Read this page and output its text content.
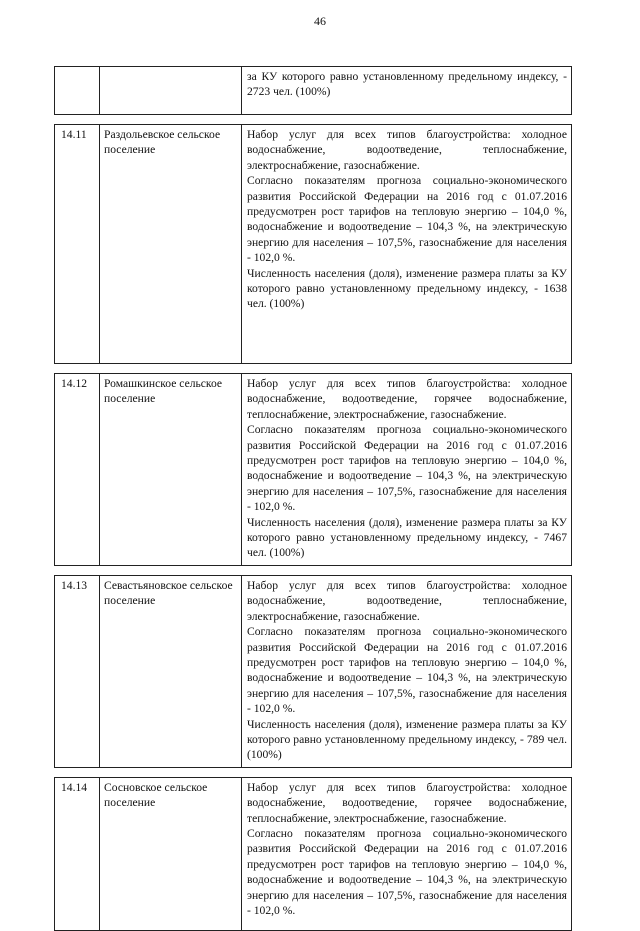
46

		за КУ которого равно установленному предельному индексу, - 2723 чел. (100%)

14.11	Раздольевское сельское поселение	Набор услуг для всех типов благоустройства: холодное водоснабжение, водоотведение, теплоснабжение, электроснабжение, газоснабжение.

Согласно показателям прогноза социально-экономического развития Российской Федерации на 2016 год с 01.07.2016 предусмотрен рост тарифов на тепловую энергию – 104,0 %, водоснабжение и водоотведение – 104,3 %, на электрическую энергию для населения – 107,5%, газоснабжение для населения - 102,0 %.

Численность населения (доля), изменение размера платы за КУ которого равно установленному предельному индексу, - 1638 чел. (100%)

14.12	Ромашкинское сельское поселение	Набор услуг для всех типов благоустройства: холодное водоснабжение, водоотведение, горячее водоснабжение, теплоснабжение, электроснабжение, газоснабжение.

Согласно показателям прогноза социально-экономического развития Российской Федерации на 2016 год с 01.07.2016 предусмотрен рост тарифов на тепловую энергию – 104,0 %, водоснабжение и водоотведение – 104,3 %, на электрическую энергию для населения – 107,5%, газоснабжение для населения - 102,0 %.

Численность населения (доля), изменение размера платы за КУ которого равно установленному предельному индексу, - 7467 чел. (100%)

14.13	Севастьяновское сельское поселение	Набор услуг для всех типов благоустройства: холодное водоснабжение, водоотведение, теплоснабжение, электроснабжение, газоснабжение.

Согласно показателям прогноза социально-экономического развития Российской Федерации на 2016 год с 01.07.2016 предусмотрен рост тарифов на тепловую энергию – 104,0 %, водоснабжение и водоотведение – 104,3 %, на электрическую энергию для населения – 107,5%, газоснабжение для населения - 102,0 %.

Численность населения (доля), изменение размера платы за КУ которого равно установленному предельному индексу, - 789 чел. (100%)

14.14	Сосновское сельское поселение	Набор услуг для всех типов благоустройства: холодное водоснабжение, водоотведение, горячее водоснабжение, теплоснабжение, электроснабжение, газоснабжение.

Согласно показателям прогноза социально-экономического развития Российской Федерации на 2016 год с 01.07.2016 предусмотрен рост тарифов на тепловую энергию – 104,0 %, водоснабжение и водоотведение – 104,3 %, на электрическую энергию для населения – 107,5%, газоснабжение для населения - 102,0 %.
